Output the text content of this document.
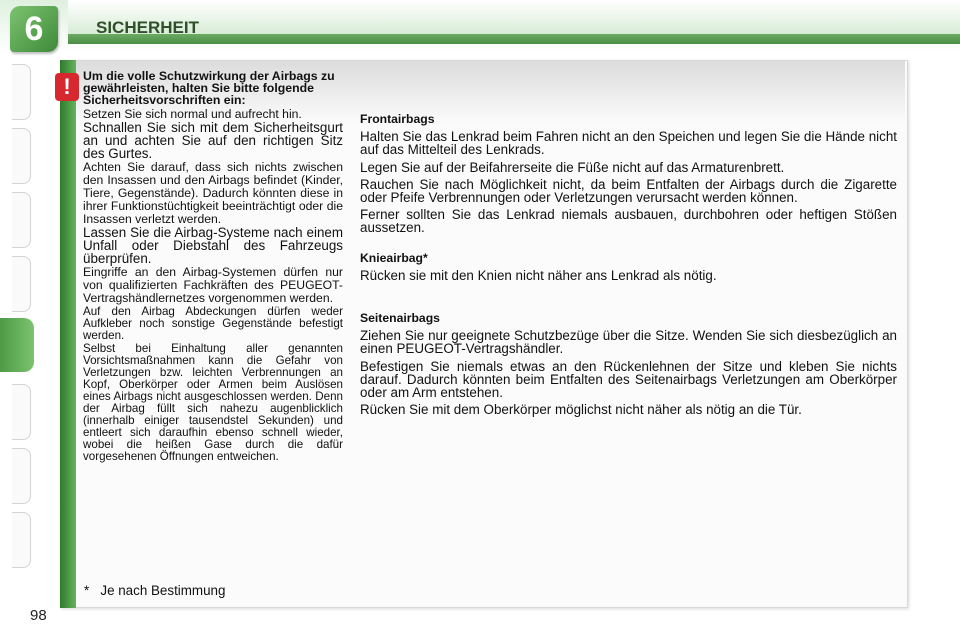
6	SICHERHEIT
!	Um die volle Schutzwirkung der Airbags zu gewährleisten, halten Sie bitte folgende Sicherheitsvorschriften ein:

Setzen Sie sich normal und aufrecht hin.

Schnallen Sie sich mit dem Sicherheitsgurt an und achten Sie auf den richtigen Sitz des Gurtes.

Achten Sie darauf, dass sich nichts zwischen den Insassen und den Airbags befindet (Kinder, Tiere, Gegenstände). Dadurch könnten diese in ihrer Funktionstüchtigkeit beeinträchtigt oder die Insassen verletzt werden.

Lassen Sie die Airbag-Systeme nach einem Unfall oder Diebstahl des Fahrzeugs überprüfen.

Eingriffe an den Airbag-Systemen dürfen nur von qualifizierten Fachkräften des PEUGEOT-Vertragshändlernetzes vorgenommen werden.

Auf den Airbag Abdeckungen dürfen weder Aufkleber noch sonstige Gegenstände befestigt werden.

Selbst bei Einhaltung aller genannten Vorsichtsmaßnahmen kann die Gefahr von Verletzungen bzw. leichten Verbrennungen an Kopf, Oberkörper oder Armen beim Auslösen eines Airbags nicht ausgeschlossen werden. Denn der Airbag füllt sich nahezu augenblicklich (innerhalb einiger tausendstel Sekunden) und entleert sich daraufhin ebenso schnell wieder, wobei die heißen Gase durch die dafür vorgesehenen Öffnungen entweichen.

Frontairbags

Halten Sie das Lenkrad beim Fahren nicht an den Speichen und legen Sie die Hände nicht auf das Mittelteil des Lenkrads.

Legen Sie auf der Beifahrerseite die Füße nicht auf das Armaturenbrett.

Rauchen Sie nach Möglichkeit nicht, da beim Entfalten der Airbags durch die Zigarette oder Pfeife Verbrennungen oder Verletzungen verursacht werden können.

Ferner sollten Sie das Lenkrad niemals ausbauen, durchbohren oder heftigen Stößen aussetzen.

Knieairbag*

Rücken sie mit den Knien nicht näher ans Lenkrad als nötig.

Seitenairbags

Ziehen Sie nur geeignete Schutzbezüge über die Sitze. Wenden Sie sich diesbezüglich an einen PEUGEOT-Vertragshändler.

Befestigen Sie niemals etwas an den Rückenlehnen der Sitze und kleben Sie nichts darauf. Dadurch könnten beim Entfalten des Seitenairbags Verletzungen am Oberkörper oder am Arm entstehen.

Rücken Sie mit dem Oberkörper möglichst nicht näher als nötig an die Tür.

*   Je nach Bestimmung
98
